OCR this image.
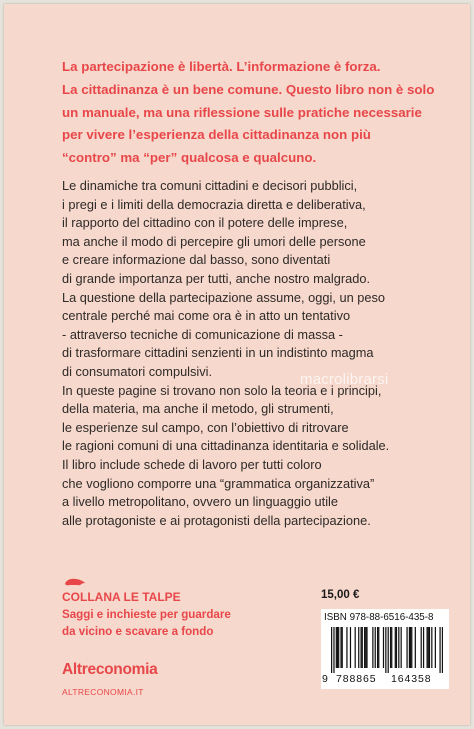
La partecipazione è libertà. L’informazione è forza.
La cittadinanza è un bene comune. Questo libro non è solo
un manuale, ma una riflessione sulle pratiche necessarie
per vivere l’esperienza della cittadinanza non più
“contro” ma “per” qualcosa e qualcuno.
Le dinamiche tra comuni cittadini e decisori pubblici,
i pregi e i limiti della democrazia diretta e deliberativa,
il rapporto del cittadino con il potere delle imprese,
ma anche il modo di percepire gli umori delle persone
e creare informazione dal basso, sono diventati
di grande importanza per tutti, anche nostro malgrado.
La questione della partecipazione assume, oggi, un peso
centrale perché mai come ora è in atto un tentativo
- attraverso tecniche di comunicazione di massa -
di trasformare cittadini senzienti in un indistinto magma
di consumatori compulsivi.
In queste pagine si trovano non solo la teoria e i principi,
della materia, ma anche il metodo, gli strumenti,
le esperienze sul campo, con l’obiettivo di ritrovare
le ragioni comuni di una cittadinanza identitaria e solidale.
Il libro include schede di lavoro per tutti coloro
che vogliono comporre una “grammatica organizzativa”
a livello metropolitano, ovvero un linguaggio utile
alle protagoniste e ai protagonisti della partecipazione.
macrolibrarsi
COLLANA LE TALPE
Saggi e inchieste per guardare
da vicino e scavare a fondo
Altreconomia
ALTRECONOMIA.IT
15,00 €
ISBN 978-88-6516-435-8
9 788865 164358
